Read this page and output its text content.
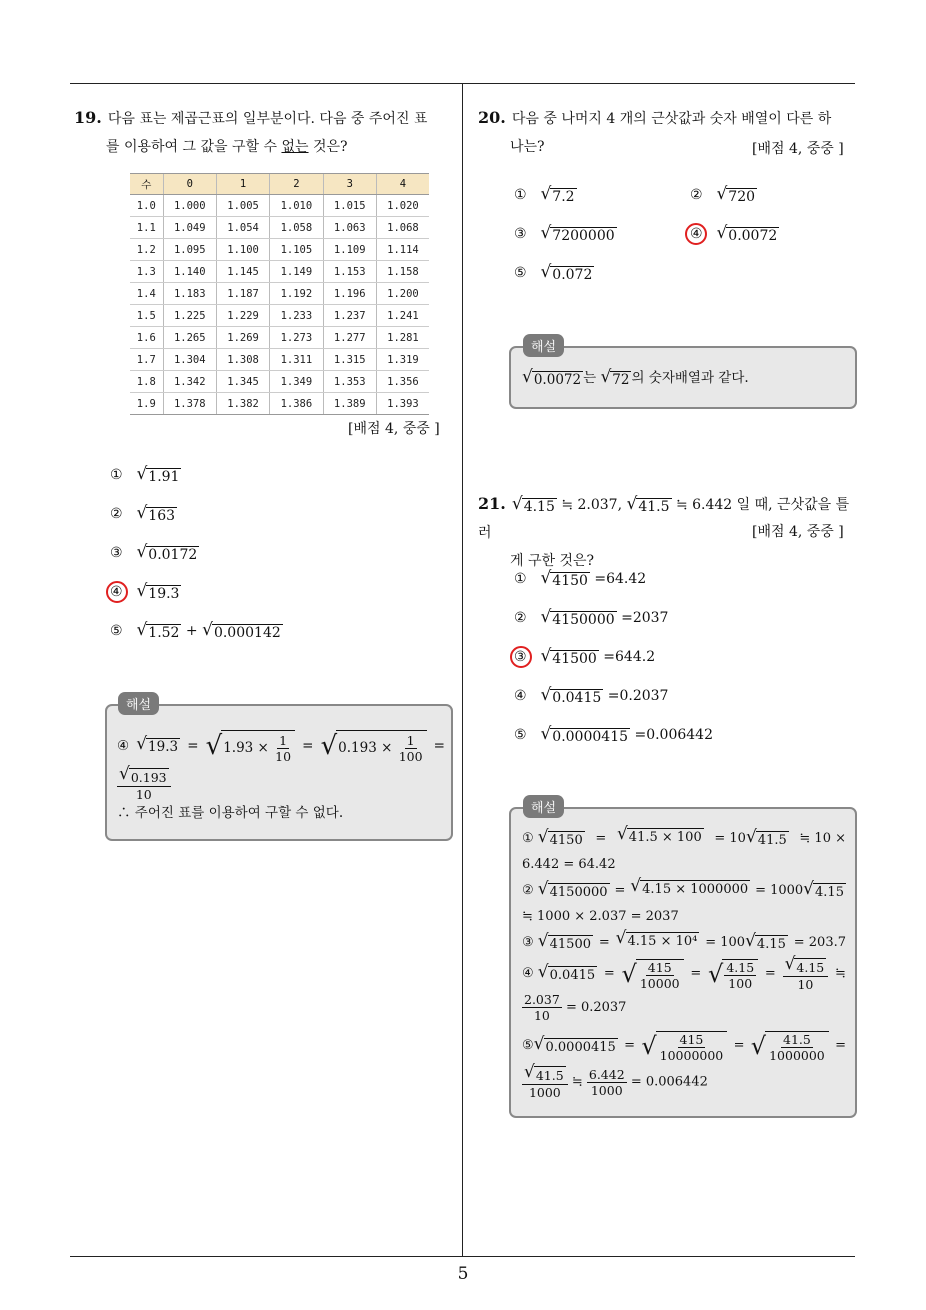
5
19. 다음 표는 제곱근표의 일부분이다. 다음 중 주어진 표
를 이용하여 그 값을 구할 수 없는 것은?
수	0	1	2	3	4
1.0	1.000	1.005	1.010	1.015	1.020
1.1	1.049	1.054	1.058	1.063	1.068
1.2	1.095	1.100	1.105	1.109	1.114
1.3	1.140	1.145	1.149	1.153	1.158
1.4	1.183	1.187	1.192	1.196	1.200
1.5	1.225	1.229	1.233	1.237	1.241
1.6	1.265	1.269	1.273	1.277	1.281
1.7	1.304	1.308	1.311	1.315	1.319
1.8	1.342	1.345	1.349	1.353	1.356
1.9	1.378	1.382	1.386	1.389	1.393
[배점 4, 중중 ]
① √ 1.91
② √ 163
③ √ 0.0172
④ √ 19.3
⑤ √ 1.52 + √ 0.000142
해설
④ √ 19.3 = √ $1.93 \times \frac{1}{10}$ = √ $0.193 \times \frac{1}{100}$ =
$\frac{√ 0.193}{10}$
∴ 주어진 표를 이용하여 구할 수 없다.
20. 다음 중 나머지 4 개의 근삿값과 숫자 배열이 다른 하
나는?	[배점 4, 중중 ]
① √ 7.2	② √ 720
③ √ 7200000	④ √ 0.0072
⑤ √ 0.072
해설
√ 0.0072 는 √ 72 의 숫자배열과 같다.
21. √ 4.15 ≒ 2.037, √ 41.5 ≒ 6.442 일 때, 근삿값을 틀러
게 구한 것은?
[배점 4, 중중 ]
① √ 4150 =64.42
② √ 4150000 =2037
③ √ 41500 =644.2
④ √ 0.0415 =0.2037
⑤ √ 0.0000415 =0.006442
해설
① √ 4150 = √ 41.5 × 100 = 10 √ 41.5 ≒ 10 ×
6.442 = 64.42
② √ 4150000 = √ 4.15 × 1000000 = 1000 √ 4.15
≒ 1000 × 2.037 = 2037
③ √ 41500 = √ 4.15 × 10⁴ = 100 √ 4.15 = 203.7
④ √ 0.0415 = √ $\frac{415}{10000}$ = √ $\frac{4.15}{100} = \frac{√ 4.15}{10}$ ≒
$\frac{2.037}{10} = 0.2037$
⑤ √ 0.0000415 = √ $\frac{415}{10000000}$ = √ $\frac{41.5}{1000000}$ =
$\frac{√ 41.5}{1000}$ ≒ $\frac{6.442}{1000} = 0.006442$
